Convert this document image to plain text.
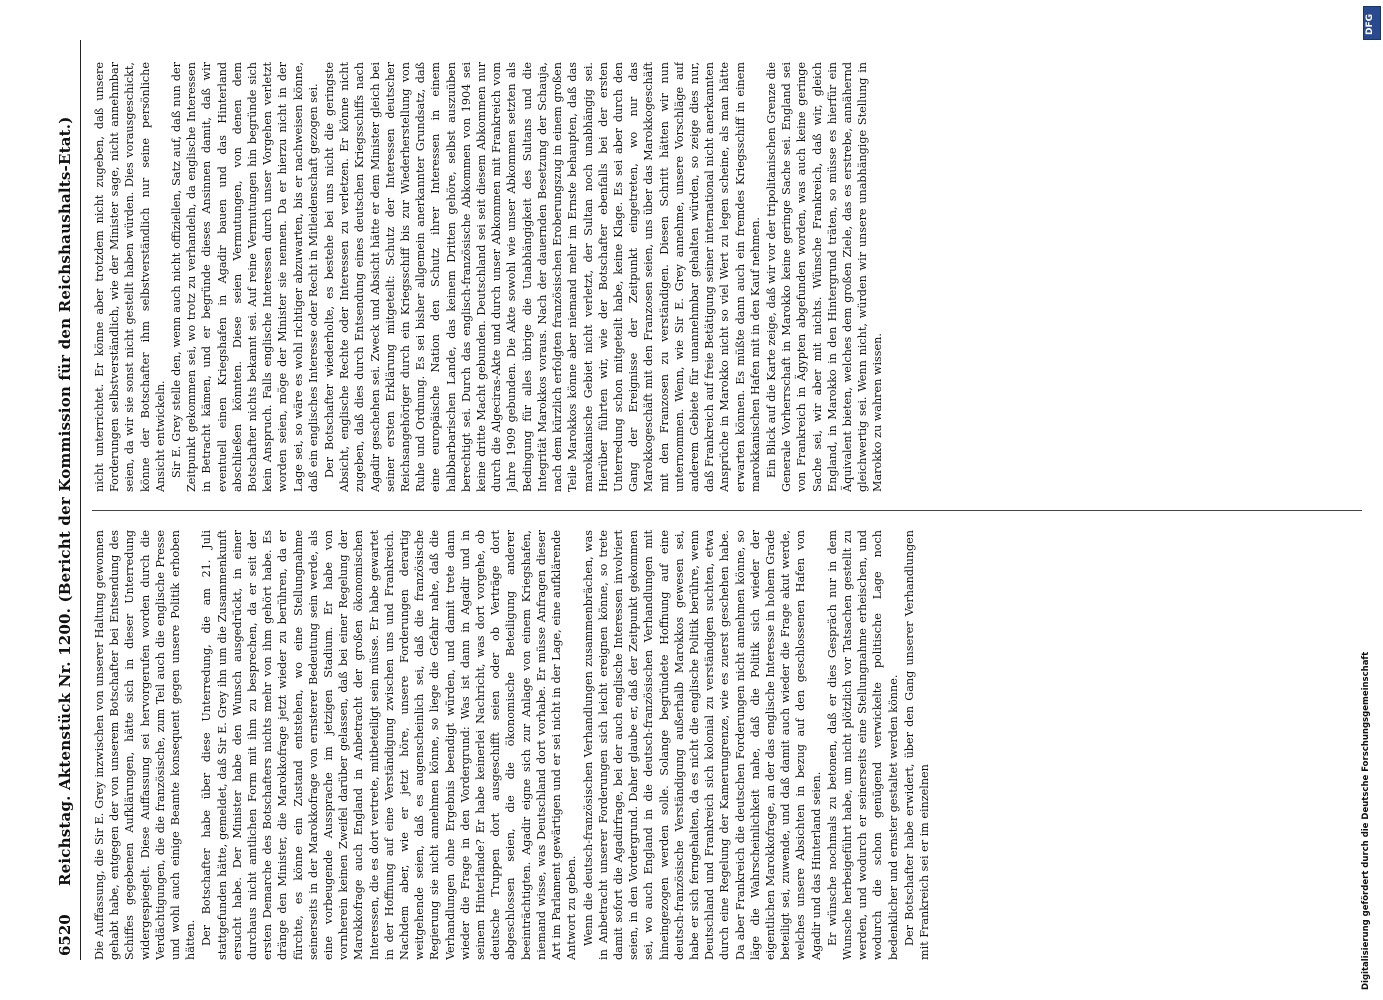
6520
Reichstag. Aktenstück Nr. 1200. (Bericht der Kommission für den Reichshaushalts-Etat.) Die Auffassung, die Sir E. Grey inzwischen von unserer Haltung gewonnen gehabt habe, entgegen der von unserem Botschafter bei Entsendung des Schiffes gegebenen Aufklärungen, hätte sich in dieser Unterredung widergespiegelt. Diese Auffassung sei hervorgerufen worden durch die Verdächtigungen, die die französische, zum Teil auch die englische Presse und wohl auch einige Beamte konsequent gegen unsere Politik erhoben hätten. Der Botschafter habe über diese Unterredung, die am 21. Juli stattgefunden hätte, gemeldet, daß Sir E. Grey ihn um die Zusammenkunft ersucht habe. Der Minister habe den Wunsch ausgedrückt, in einer durchaus nicht amtlichen Form mit ihm zu besprechen, da er seit der ersten Demarche des Botschafters nichts mehr von ihm gehört habe. Es dränge den Minister, die Marokkofrage jetzt wieder zu berühren, da er fürchte, es könne ein Zustand entstehen, wo eine Stellungnahme seinerseits in der Marokkofrage von ernsterer Bedeutung sein werde, als eine vorbeugende Aussprache im jetzigen Stadium. Er habe von vornherein keinen Zweifel darüber gelassen, daß bei einer Regelung der Marokkofrage auch England in Anbetracht der großen ökonomischen Interessen, die es dort vertrete, mitbeteiligt sein müsse. Er habe gewartet in der Hoffnung auf eine Verständigung zwischen uns und Frankreich. Nachdem aber, wie er jetzt höre, unsere Forderungen derartig weitgehende seien, daß es augenscheinlich sei, daß die französische Regierung sie nicht annehmen könne, so liege die Gefahr nahe, daß die Verhandlungen ohne Ergebnis beendigt würden, und damit trete dann wieder die Frage in den Vordergrund: Was ist dann in Agadir und in seinem Hinterlande? Er habe keinerlei Nachricht, was dort vorgehe, ob deutsche Truppen dort ausgeschifft seien oder ob Verträge dort abgeschlossen seien, die die ökonomische Beteiligung anderer beeinträchtigten. Agadir eigne sich zur Anlage von einem Kriegshafen, niemand wisse, was Deutschland dort vorhabe. Er müsse Anfragen dieser Art im Parlament gewärtigen und er sei nicht in der Lage, eine aufklärende Antwort zu geben. Wenn die deutsch-französischen Verhandlungen zusammenbrächen, was in Anbetracht unserer Forderungen sich leicht ereignen könne, so trete damit sofort die Agadirfrage, bei der auch englische Interessen involviert seien, in den Vordergrund. Daher glaube er, daß der Zeitpunkt gekommen sei, wo auch England in die deutsch-französischen Verhandlungen mit hineingezogen werden solle. Solange begründete Hoffnung auf eine deutsch-französische Verständigung außerhalb Marokkos gewesen sei, habe er sich ferngehalten, da es nicht die englische Politik berühre, wenn Deutschland und Frankreich sich kolonial zu verständigen suchten, etwa durch eine Regelung der Kamerungrenze, wie es zuerst geschehen habe. Da aber Frankreich die deutschen Forderungen nicht annehmen könne, so läge die Wahrscheinlichkeit nahe, daß die Politik sich wieder der eigentlichen Marokkofrage, an der das englische Interesse in hohem Grade beteiligt sei, zuwende, und daß damit auch wieder die Frage akut werde, welches unsere Absichten in bezug auf den geschlossenen Hafen von Agadir und das Hinterland seien. Er wünsche nochmals zu betonen, daß er dies Gespräch nur in dem Wunsche herbeigeführt habe, um nicht plötzlich vor Tatsachen gestellt zu werden, und wodurch er seinerseits eine Stellungnahme erheischen, und wodurch die schon genügend verwickelte politische Lage noch bedenklicher und ernster gestaltet werden könne. Der Botschafter habe erwidert, über den Gang unserer Verhandlungen mit Frankreich sei er im einzelnen

nicht unterrichtet. Er könne aber trotzdem nicht zugeben, daß unsere Forderungen selbstverständlich, wie der Minister sage, nicht annehmbar seien, da wir sie sonst nicht gestellt haben würden. Dies vorausgeschickt, könne der Botschafter ihm selbstverständlich nur seine persönliche Ansicht entwickeln. Sir E. Grey stelle den, wenn auch nicht offiziellen, Satz auf, daß nun der Zeitpunkt gekommen sei, wo trotz zu verhandeln, da englische Interessen in Betracht kämen, und er begründe dieses Ansinnen damit, daß wir eventuell einen Kriegshafen in Agadir bauen und das Hinterland abschließen könnten. Diese seien Vermutungen, von denen dem Botschafter nichts bekannt sei. Auf reine Vermutungen hin begründe sich kein Anspruch. Falls englische Interessen durch unser Vorgehen verletzt worden seien, möge der Minister sie nennen. Da er hierzu nicht in der Lage sei, so wäre es wohl richtiger abzuwarten, bis er nachweisen könne, daß ein englisches Interesse oder Recht in Mitleidenschaft gezogen sei. Der Botschafter wiederholte, es bestehe bei uns nicht die geringste Absicht, englische Rechte oder Interessen zu verletzen. Er könne nicht zugeben, daß dies durch Entsendung eines deutschen Kriegsschiffs nach Agadir geschehen sei. Zweck und Absicht hätte er dem Minister gleich bei seiner ersten Erklärung mitgeteilt: Schutz der Interessen deutscher Reichsangehöriger durch ein Kriegsschiff bis zur Wiederherstellung von Ruhe und Ordnung. Es sei bisher allgemein anerkannter Grundsatz, daß eine europäische Nation den Schutz ihrer Interessen in einem halbbarbarischen Lande, das keinem Dritten gehöre, selbst auszuüben berechtigt sei. Durch das englisch-französische Abkommen von 1904 sei keine dritte Macht gebunden. Deutschland sei seit diesem Abkommen nur durch die Algeciras-Akte und durch unser Abkommen mit Frankreich vom Jahre 1909 gebunden. Die Akte sowohl wie unser Abkommen setzten als Bedingung für alles übrige die Unabhängigkeit des Sultans und die Integrität Marokkos voraus. Nach der dauernden Besetzung der Schauja, nach dem kürzlich erfolgten französischen Eroberungszug in einem großen Teile Marokkos könne aber niemand mehr im Ernste behaupten, daß das marokkanische Gebiet nicht verletzt, der Sultan noch unabhängig sei. Hierüber führten wir, wie der Botschafter ebenfalls bei der ersten Unterredung schon mitgeteilt habe, keine Klage. Es sei aber durch den Gang der Ereignisse der Zeitpunkt eingetreten, wo nur das Marokkogeschäft mit den Franzosen seien, uns über das Marokkogeschäft mit den Franzosen zu verständigen. Diesen Schritt hätten wir nun unternommen. Wenn, wie Sir E. Grey annehme, unsere Vorschläge auf anderem Gebiete für unannehmbar gehalten würden, so zeige dies nur, daß Frankreich auf freie Betätigung seiner international nicht anerkannten Ansprüche in Marokko nicht so viel Wert zu legen scheine, als man hätte erwarten können. Es müßte dann auch ein fremdes Kriegsschiff in einem marokkanischen Hafen mit in den Kauf nehmen. Ein Blick auf die Karte zeige, daß wir vor der tripolitanischen Grenze die Generale Vorherrschaft in Marokko keine geringe Sache sei. England sei von Frankreich in Ägypten abgefunden worden, was auch keine geringe Sache sei, wir aber mit nichts. Wünsche Frankreich, daß wir, gleich England, in Marokko in den Hintergrund träten, so müsse es hierfür ein Äquivalent bieten, welches dem großen Ziele, das es erstrebe, annähernd gleichwertig sei. Wenn nicht, würden wir unsere unabhängige Stellung in Marokko zu wahren wissen.

DFG
Digitalisierung gefördert durch die Deutsche Forschungsgemeinschaft
